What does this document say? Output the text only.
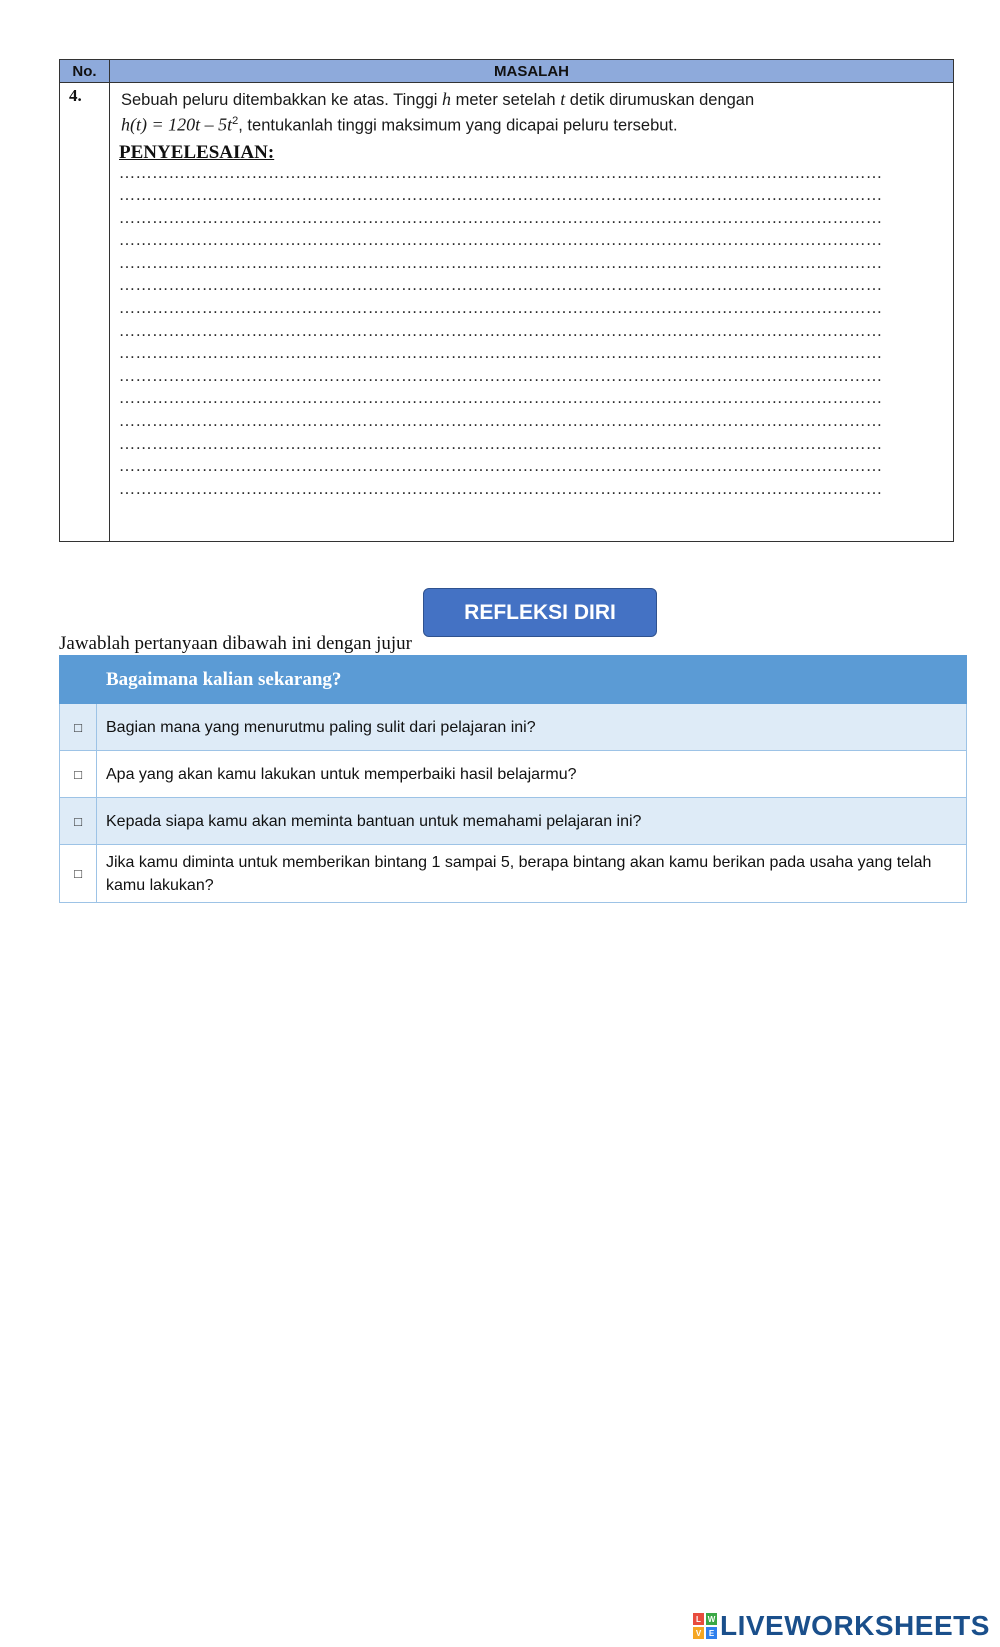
No.	MASALAH
4.	Sebuah peluru ditembakkan ke atas. Tinggi h meter setelah t detik dirumuskan dengan
$h(t) = 120t - 5t^2$, tentukanlah tinggi maksimum yang dicapai peluru tersebut.
PENYELESAIAN:
…………………………………………………………………………………………………………………………
…………………………………………………………………………………………………………………………
…………………………………………………………………………………………………………………………
…………………………………………………………………………………………………………………………
…………………………………………………………………………………………………………………………
…………………………………………………………………………………………………………………………
…………………………………………………………………………………………………………………………
…………………………………………………………………………………………………………………………
…………………………………………………………………………………………………………………………
…………………………………………………………………………………………………………………………
…………………………………………………………………………………………………………………………
…………………………………………………………………………………………………………………………
…………………………………………………………………………………………………………………………
…………………………………………………………………………………………………………………………
…………………………………………………………………………………………………………………………
REFLEKSI DIRI
Jawablah pertanyaan dibawah ini dengan jujur
	Bagaimana kalian sekarang?
□	Bagian mana yang menurutmu paling sulit dari pelajaran ini?
□	Apa yang akan kamu lakukan untuk memperbaiki hasil belajarmu?
□	Kepada siapa kamu akan meminta bantuan untuk memahami pelajaran ini?
□	Jika kamu diminta untuk memberikan bintang 1 sampai 5, berapa bintang akan kamu berikan pada usaha yang telah kamu lakukan?
L W
V E LIVEWORKSHEETS
